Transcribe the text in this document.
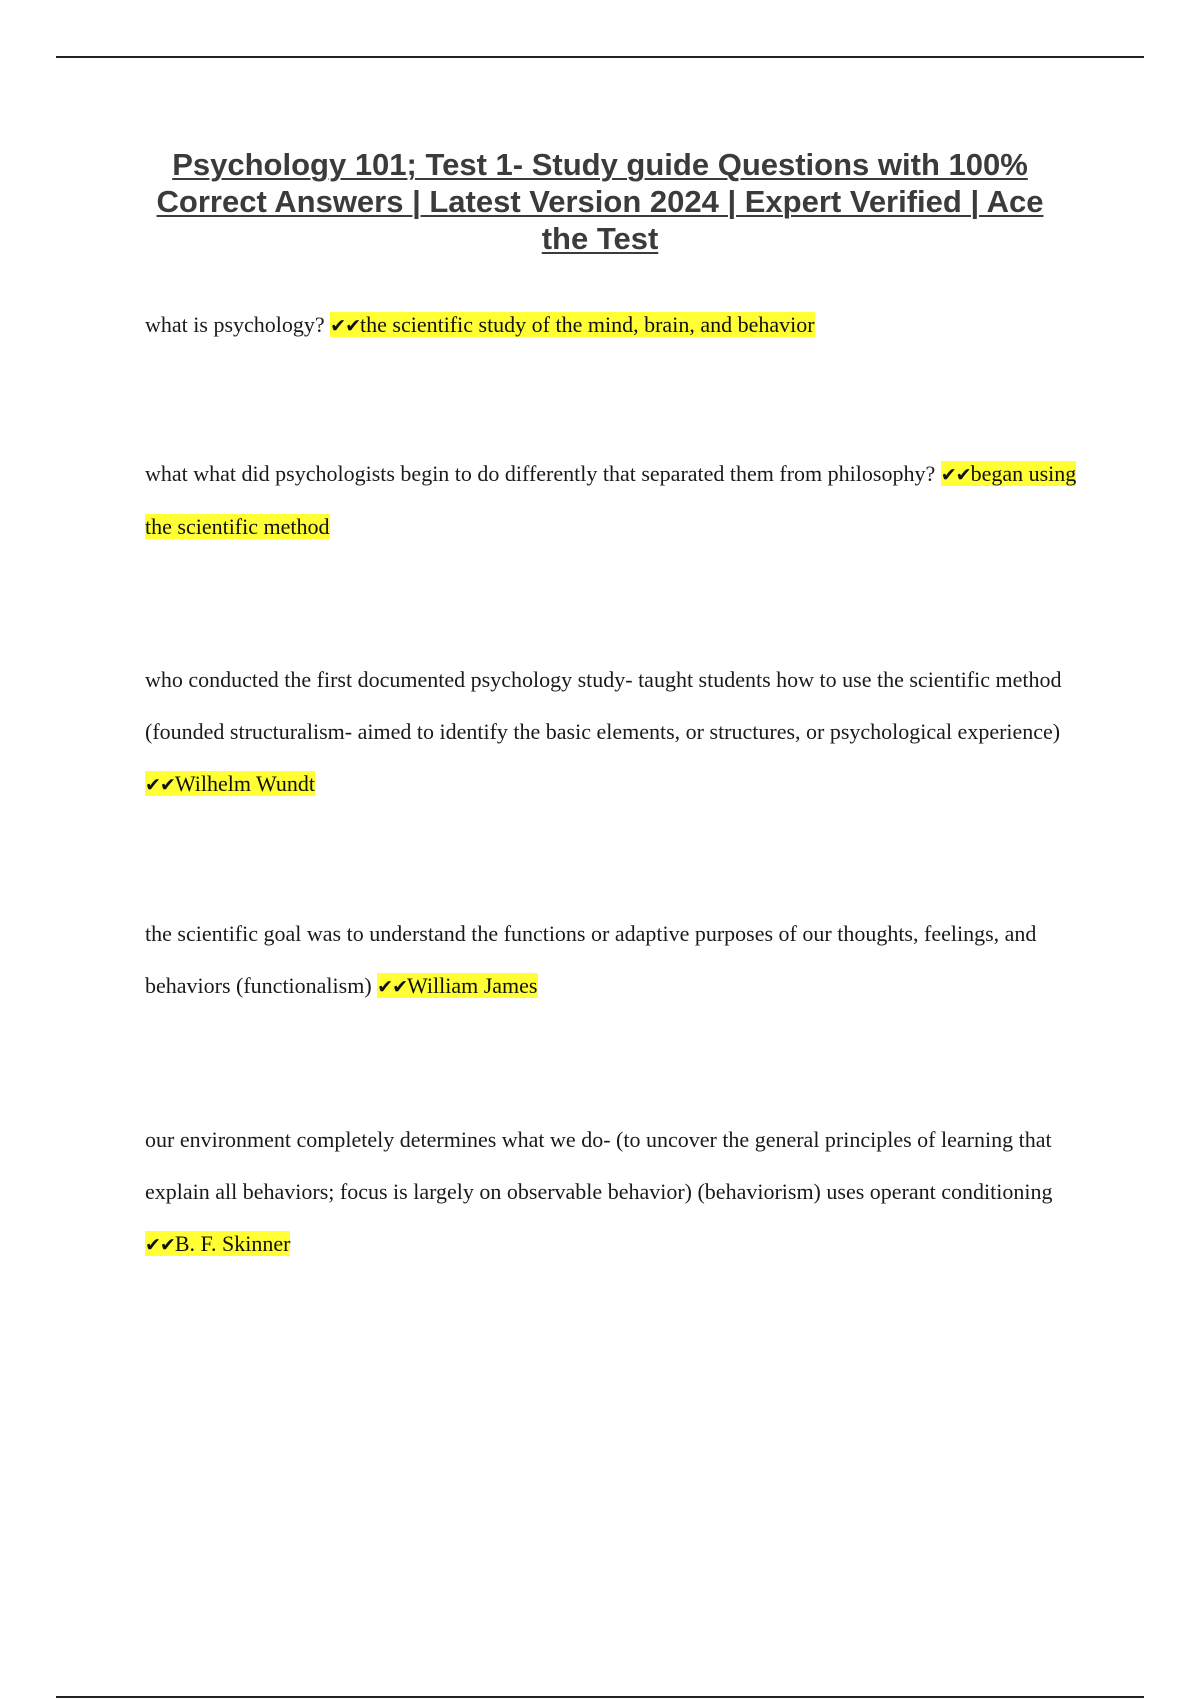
Psychology 101; Test 1- Study guide Questions with 100% Correct Answers | Latest Version 2024 | Expert Verified | Ace the Test

what is psychology? ✔✔the scientific study of the mind, brain, and behavior

what what did psychologists begin to do differently that separated them from philosophy? ✔✔began using the scientific method

who conducted the first documented psychology study- taught students how to use the scientific method (founded structuralism- aimed to identify the basic elements, or structures, or psychological experience) ✔✔Wilhelm Wundt

the scientific goal was to understand the functions or adaptive purposes of our thoughts, feelings, and behaviors (functionalism) ✔✔William James

our environment completely determines what we do- (to uncover the general principles of learning that explain all behaviors; focus is largely on observable behavior) (behaviorism) uses operant conditioning ✔✔B. F. Skinner
